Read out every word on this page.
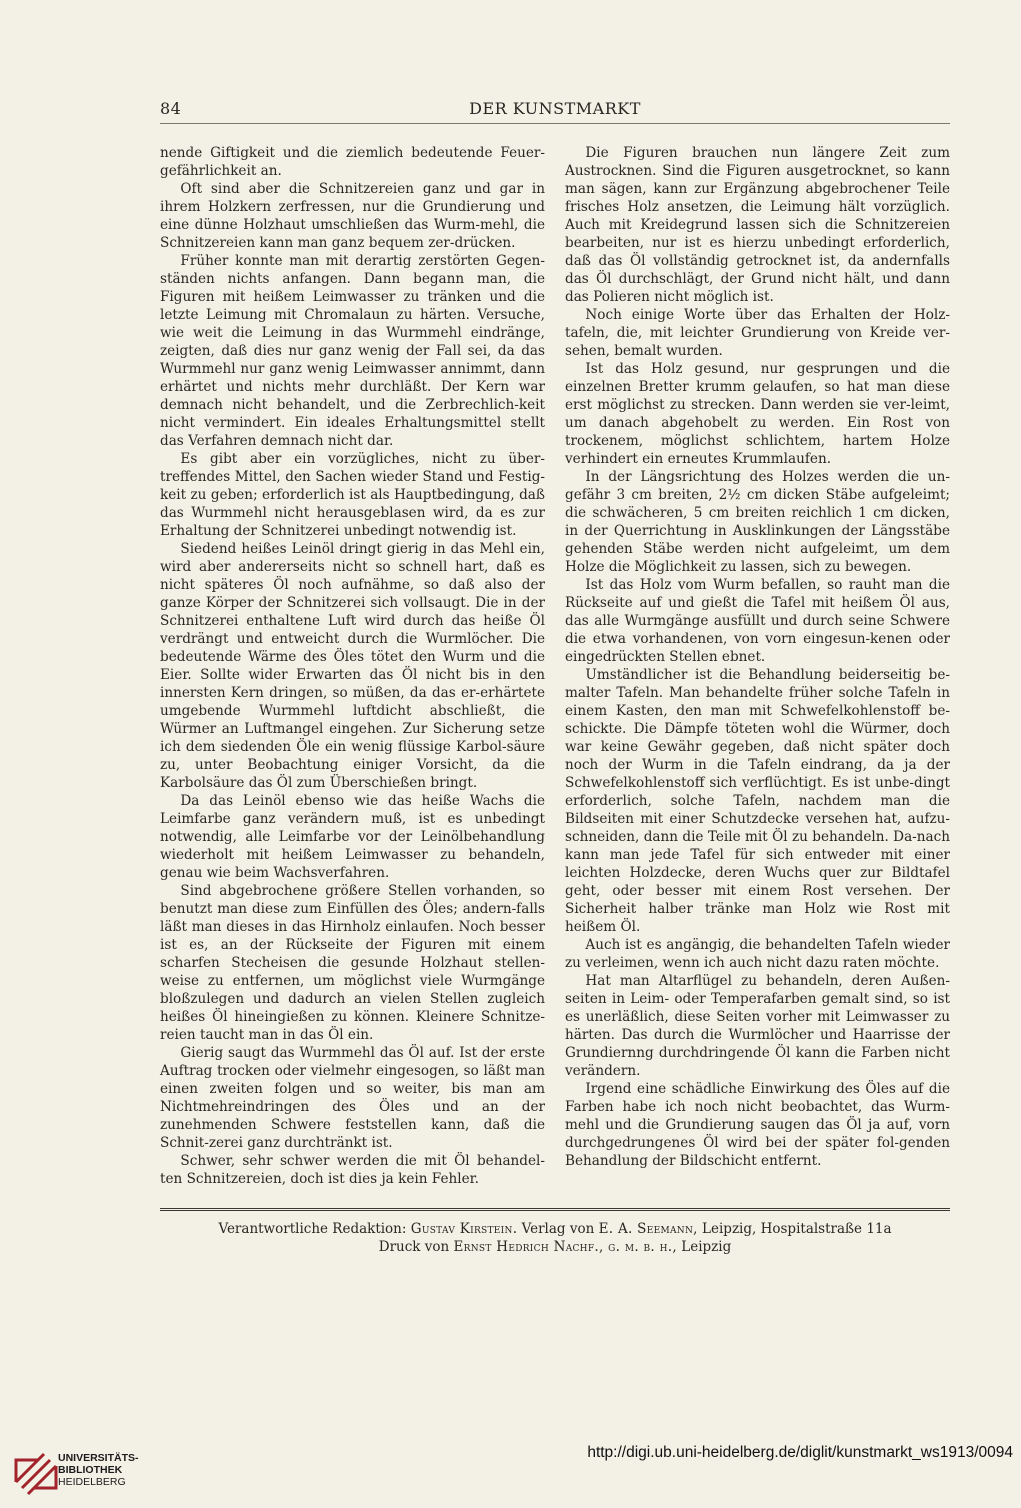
84	DER KUNSTMARKT

nende Giftigkeit und die ziemlich bedeutende Feuer-gefährlichkeit an.

Oft sind aber die Schnitzereien ganz und gar in ihrem Holzkern zerfressen, nur die Grundierung und eine dünne Holzhaut umschließen das Wurm-mehl, die Schnitzereien kann man ganz bequem zer-drücken.

Früher konnte man mit derartig zerstörten Gegen-ständen nichts anfangen. Dann begann man, die Figuren mit heißem Leimwasser zu tränken und die letzte Leimung mit Chromalaun zu härten. Versuche, wie weit die Leimung in das Wurmmehl eindränge, zeigten, daß dies nur ganz wenig der Fall sei, da das Wurmmehl nur ganz wenig Leimwasser annimmt, dann erhärtet und nichts mehr durchläßt. Der Kern war demnach nicht behandelt, und die Zerbrechlich-keit nicht vermindert. Ein ideales Erhaltungsmittel stellt das Verfahren demnach nicht dar.

Es gibt aber ein vorzügliches, nicht zu über-treffendes Mittel, den Sachen wieder Stand und Festig-keit zu geben; erforderlich ist als Hauptbedingung, daß das Wurmmehl nicht herausgeblasen wird, da es zur Erhaltung der Schnitzerei unbedingt notwendig ist.

Siedend heißes Leinöl dringt gierig in das Mehl ein, wird aber andererseits nicht so schnell hart, daß es nicht späteres Öl noch aufnähme, so daß also der ganze Körper der Schnitzerei sich vollsaugt. Die in der Schnitzerei enthaltene Luft wird durch das heiße Öl verdrängt und entweicht durch die Wurmlöcher. Die bedeutende Wärme des Öles tötet den Wurm und die Eier. Sollte wider Erwarten das Öl nicht bis in den innersten Kern dringen, so müßen, da das er-erhärtete umgebende Wurmmehl luftdicht abschließt, die Würmer an Luftmangel eingehen. Zur Sicherung setze ich dem siedenden Öle ein wenig flüssige Karbol-säure zu, unter Beobachtung einiger Vorsicht, da die Karbolsäure das Öl zum Überschießen bringt.

Da das Leinöl ebenso wie das heiße Wachs die Leimfarbe ganz verändern muß, ist es unbedingt notwendig, alle Leimfarbe vor der Leinölbehandlung wiederholt mit heißem Leimwasser zu behandeln, genau wie beim Wachsverfahren.

Sind abgebrochene größere Stellen vorhanden, so benutzt man diese zum Einfüllen des Öles; andern-falls läßt man dieses in das Hirnholz einlaufen. Noch besser ist es, an der Rückseite der Figuren mit einem scharfen Stecheisen die gesunde Holzhaut stellen-weise zu entfernen, um möglichst viele Wurmgänge bloßzulegen und dadurch an vielen Stellen zugleich heißes Öl hineingießen zu können. Kleinere Schnitze-reien taucht man in das Öl ein.

Gierig saugt das Wurmmehl das Öl auf. Ist der erste Auftrag trocken oder vielmehr eingesogen, so läßt man einen zweiten folgen und so weiter, bis man am Nichtmehreindringen des Öles und an der zunehmenden Schwere feststellen kann, daß die Schnit-zerei ganz durchtränkt ist.

Schwer, sehr schwer werden die mit Öl behandel-ten Schnitzereien, doch ist dies ja kein Fehler.

Die Figuren brauchen nun längere Zeit zum Austrocknen. Sind die Figuren ausgetrocknet, so kann man sägen, kann zur Ergänzung abgebrochener Teile frisches Holz ansetzen, die Leimung hält vorzüglich. Auch mit Kreidegrund lassen sich die Schnitzereien bearbeiten, nur ist es hierzu unbedingt erforderlich, daß das Öl vollständig getrocknet ist, da andernfalls das Öl durchschlägt, der Grund nicht hält, und dann das Polieren nicht möglich ist.

Noch einige Worte über das Erhalten der Holz-tafeln, die, mit leichter Grundierung von Kreide ver-sehen, bemalt wurden.

Ist das Holz gesund, nur gesprungen und die einzelnen Bretter krumm gelaufen, so hat man diese erst möglichst zu strecken. Dann werden sie ver-leimt, um danach abgehobelt zu werden. Ein Rost von trockenem, möglichst schlichtem, hartem Holze verhindert ein erneutes Krummlaufen.

In der Längsrichtung des Holzes werden die un-gefähr 3 cm breiten, 2½ cm dicken Stäbe aufgeleimt; die schwächeren, 5 cm breiten reichlich 1 cm dicken, in der Querrichtung in Ausklinkungen der Längsstäbe gehenden Stäbe werden nicht aufgeleimt, um dem Holze die Möglichkeit zu lassen, sich zu bewegen.

Ist das Holz vom Wurm befallen, so rauht man die Rückseite auf und gießt die Tafel mit heißem Öl aus, das alle Wurmgänge ausfüllt und durch seine Schwere die etwa vorhandenen, von vorn eingesun-kenen oder eingedrückten Stellen ebnet.

Umständlicher ist die Behandlung beiderseitig be-malter Tafeln. Man behandelte früher solche Tafeln in einem Kasten, den man mit Schwefelkohlenstoff be-schickte. Die Dämpfe töteten wohl die Würmer, doch war keine Gewähr gegeben, daß nicht später doch noch der Wurm in die Tafeln eindrang, da ja der Schwefelkohlenstoff sich verflüchtigt. Es ist unbe-dingt erforderlich, solche Tafeln, nachdem man die Bildseiten mit einer Schutzdecke versehen hat, aufzu-schneiden, dann die Teile mit Öl zu behandeln. Da-nach kann man jede Tafel für sich entweder mit einer leichten Holzdecke, deren Wuchs quer zur Bildtafel geht, oder besser mit einem Rost versehen. Der Sicherheit halber tränke man Holz wie Rost mit heißem Öl.

Auch ist es angängig, die behandelten Tafeln wieder zu verleimen, wenn ich auch nicht dazu raten möchte.

Hat man Altarflügel zu behandeln, deren Außen-seiten in Leim- oder Temperafarben gemalt sind, so ist es unerläßlich, diese Seiten vorher mit Leimwasser zu härten. Das durch die Wurmlöcher und Haarrisse der Grundiernng durchdringende Öl kann die Farben nicht verändern.

Irgend eine schädliche Einwirkung des Öles auf die Farben habe ich noch nicht beobachtet, das Wurm-mehl und die Grundierung saugen das Öl ja auf, vorn durchgedrungenes Öl wird bei der später fol-genden Behandlung der Bildschicht entfernt.

Verantwortliche Redaktion: Gustav Kirstein. Verlag von E. A. Seemann, Leipzig, Hospitalstraße 11a
Druck von Ernst Hedrich Nachf., g. m. b. h., Leipzig
UNIVERSITÄTS-
BIBLIOTHEK
HEIDELBERG
http://digi.ub.uni-heidelberg.de/diglit/kunstmarkt_ws1913/0094
